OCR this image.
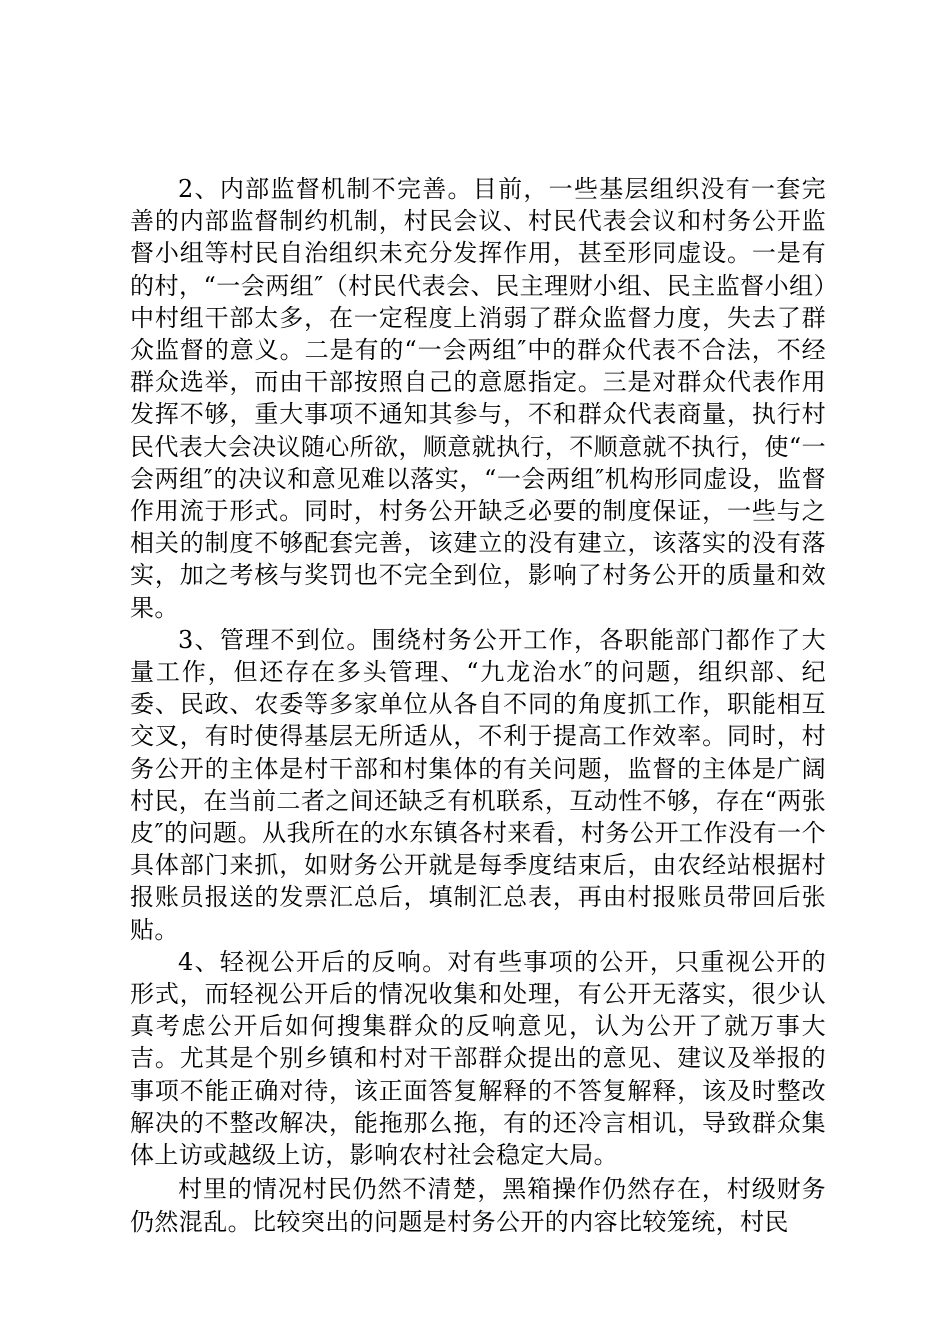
2、内部监督机制不完善。目前，一些基层组织没有一套完善的内部监督制约机制，村民会议、村民代表会议和村务公开监督小组等村民自治组织未充分发挥作用，甚至形同虚设。一是有的村，“一会两组″（村民代表会、民主理财小组、民主监督小组）中村组干部太多，在一定程度上消弱了群众监督力度，失去了群众监督的意义。二是有的“一会两组″中的群众代表不合法，不经群众选举，而由干部按照自己的意愿指定。三是对群众代表作用发挥不够，重大事项不通知其参与，不和群众代表商量，执行村民代表大会决议随心所欲，顺意就执行，不顺意就不执行，使“一会两组″的决议和意见难以落实，“一会两组″机构形同虚设，监督作用流于形式。同时，村务公开缺乏必要的制度保证，一些与之相关的制度不够配套完善，该建立的没有建立，该落实的没有落实，加之考核与奖罚也不完全到位，影响了村务公开的质量和效果。

3、管理不到位。围绕村务公开工作，各职能部门都作了大量工作，但还存在多头管理、“九龙治水″的问题，组织部、纪委、民政、农委等多家单位从各自不同的角度抓工作，职能相互交叉，有时使得基层无所适从，不利于提高工作效率。同时，村务公开的主体是村干部和村集体的有关问题，监督的主体是广阔村民，在当前二者之间还缺乏有机联系，互动性不够，存在“两张皮″的问题。从我所在的水东镇各村来看，村务公开工作没有一个具体部门来抓，如财务公开就是每季度结束后，由农经站根据村报账员报送的发票汇总后，填制汇总表，再由村报账员带回后张贴。

4、轻视公开后的反响。对有些事项的公开，只重视公开的形式，而轻视公开后的情况收集和处理，有公开无落实，很少认真考虑公开后如何搜集群众的反响意见，认为公开了就万事大吉。尤其是个别乡镇和村对干部群众提出的意见、建议及举报的事项不能正确对待，该正面答复解释的不答复解释，该及时整改解决的不整改解决，能拖那么拖，有的还冷言相讥，导致群众集体上访或越级上访，影响农村社会稳定大局。

村里的情况村民仍然不清楚，黑箱操作仍然存在，村级财务仍然混乱。比较突出的问题是村务公开的内容比较笼统，村民
